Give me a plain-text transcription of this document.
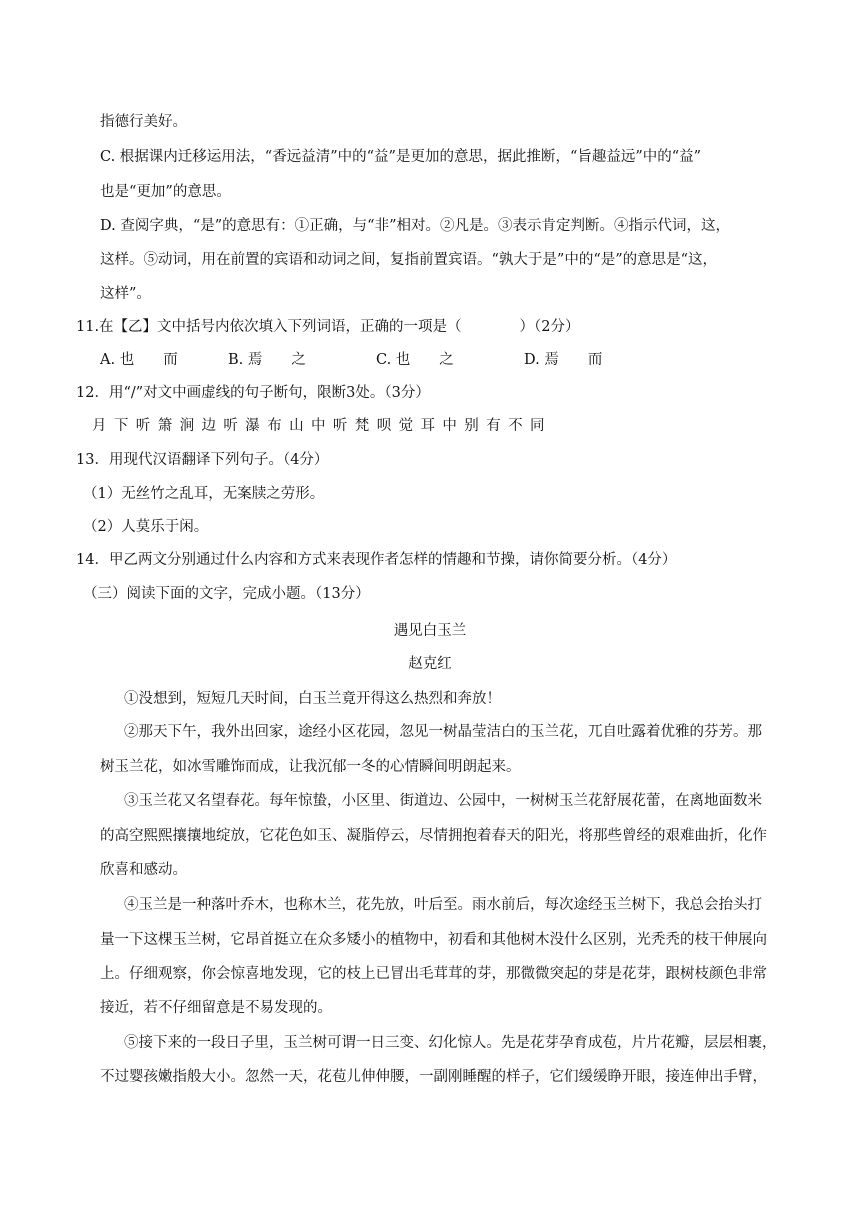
指德行美好。
C. 根据课内迁移运用法，“香远益清”中的“益”是更加的意思，据此推断，“旨趣益远”中的“益”
也是“更加”的意思。
D. 查阅字典，“是”的意思有：①正确，与“非”相对。②凡是。③表示肯定判断。④指示代词，这，
这样。⑤动词，用在前置的宾语和动词之间，复指前置宾语。“孰大于是”中的“是”的意思是“这，
这样”。
11.在【乙】文中括号内依次填入下列词语，正确的一项是（　　　　）（2分）
A. 也　　而	B. 焉　　之	C. 也　　之	D. 焉　　而
12．用“/”对文中画虚线的句子断句，限断3处。（3分）
月下听箫涧边听瀑布山中听梵呗觉耳中别有不同
13．用现代汉语翻译下列句子。（4分）
（1）无丝竹之乱耳，无案牍之劳形。
（2）人莫乐于闲。
14．甲乙两文分别通过什么内容和方式来表现作者怎样的情趣和节操，请你简要分析。（4分）
（三）阅读下面的文字，完成小题。（13分）
遇见白玉兰
赵克红
①没想到，短短几天时间，白玉兰竟开得这么热烈和奔放！
②那天下午，我外出回家，途经小区花园，忽见一树晶莹洁白的玉兰花，兀自吐露着优雅的芬芳。那
树玉兰花，如冰雪雕饰而成，让我沉郁一冬的心情瞬间明朗起来。
③玉兰花又名望春花。每年惊蛰，小区里、街道边、公园中，一树树玉兰花舒展花蕾，在离地面数米
的高空熙熙攘攘地绽放，它花色如玉、凝脂停云，尽情拥抱着春天的阳光，将那些曾经的艰难曲折，化作
欣喜和感动。
④玉兰是一种落叶乔木，也称木兰，花先放，叶后至。雨水前后，每次途经玉兰树下，我总会抬头打
量一下这棵玉兰树，它昂首挺立在众多矮小的植物中，初看和其他树木没什么区别，光秃秃的枝干伸展向
上。仔细观察，你会惊喜地发现，它的枝上已冒出毛茸茸的芽，那微微突起的芽是花芽，跟树枝颜色非常
接近，若不仔细留意是不易发现的。
⑤接下来的一段日子里，玉兰树可谓一日三变、幻化惊人。先是花芽孕育成苞，片片花瓣，层层相裹，
不过婴孩嫩指般大小。忽然一天，花苞儿伸伸腰，一副刚睡醒的样子，它们缓缓睁开眼，接连伸出手臂，
